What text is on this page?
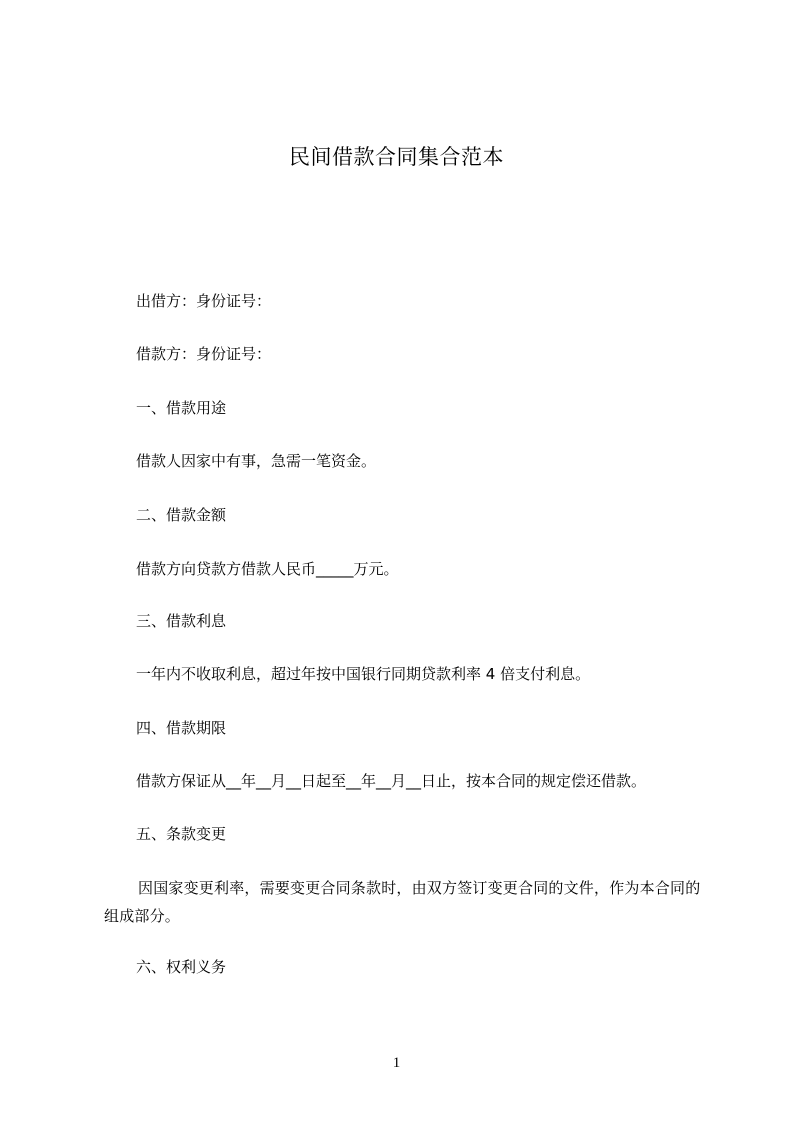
民间借款合同集合范本
出借方：身份证号：
借款方：身份证号：
一、借款用途
借款人因家中有事，急需一笔资金。
二、借款金额
借款方向贷款方借款人民币_____万元。
三、借款利息
一年内不收取利息，超过年按中国银行同期贷款利率 4 倍支付利息。
四、借款期限
借款方保证从__年__月__日起至__年__月__日止，按本合同的规定偿还借款。
五、条款变更
因国家变更利率，需要变更合同条款时，由双方签订变更合同的文件，作为本合同的组成部分。
六、权利义务
1
